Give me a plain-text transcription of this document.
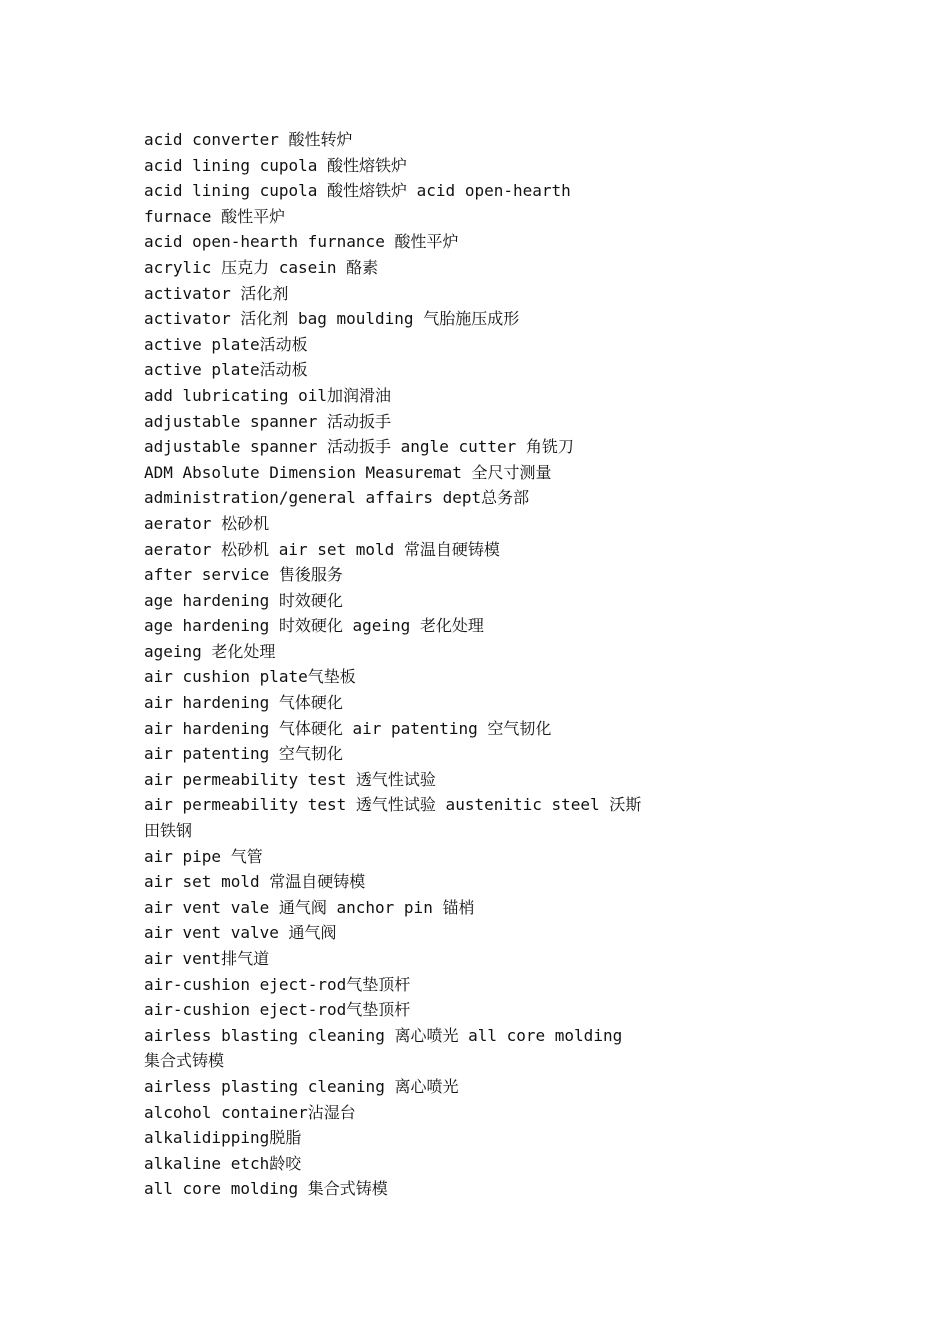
acid converter 酸性转炉
acid lining cupola 酸性熔铁炉
acid lining cupola 酸性熔铁炉 acid open-hearth furnace 酸性平炉
acid open-hearth furnance 酸性平炉
acrylic 压克力 casein 酪素
activator 活化剂
activator 活化剂 bag moulding 气胎施压成形
active plate活动板
active plate活动板
add lubricating oil加润滑油
adjustable spanner 活动扳手
adjustable spanner 活动扳手 angle cutter 角铣刀
ADM Absolute Dimension Measuremat 全尺寸测量
administration/general affairs dept总务部
aerator 松砂机
aerator 松砂机 air set mold 常温自硬铸模
after service 售後服务
age hardening 时效硬化
age hardening 时效硬化 ageing 老化处理
ageing 老化处理
air cushion plate气垫板
air hardening 气体硬化
air hardening 气体硬化 air patenting 空气韧化
air patenting 空气韧化
air permeability test 透气性试验
air permeability test 透气性试验 austenitic steel 沃斯田铁钢
air pipe 气管
air set mold 常温自硬铸模
air vent vale 通气阀 anchor pin 锚梢
air vent valve 通气阀
air vent排气道
air-cushion eject-rod气垫顶杆
air-cushion eject-rod气垫顶杆
airless blasting cleaning 离心喷光 all core molding 集合式铸模
airless plasting cleaning 离心喷光
alcohol container沾湿台
alkalidipping脱脂
alkaline etch龄咬
all core molding 集合式铸模
